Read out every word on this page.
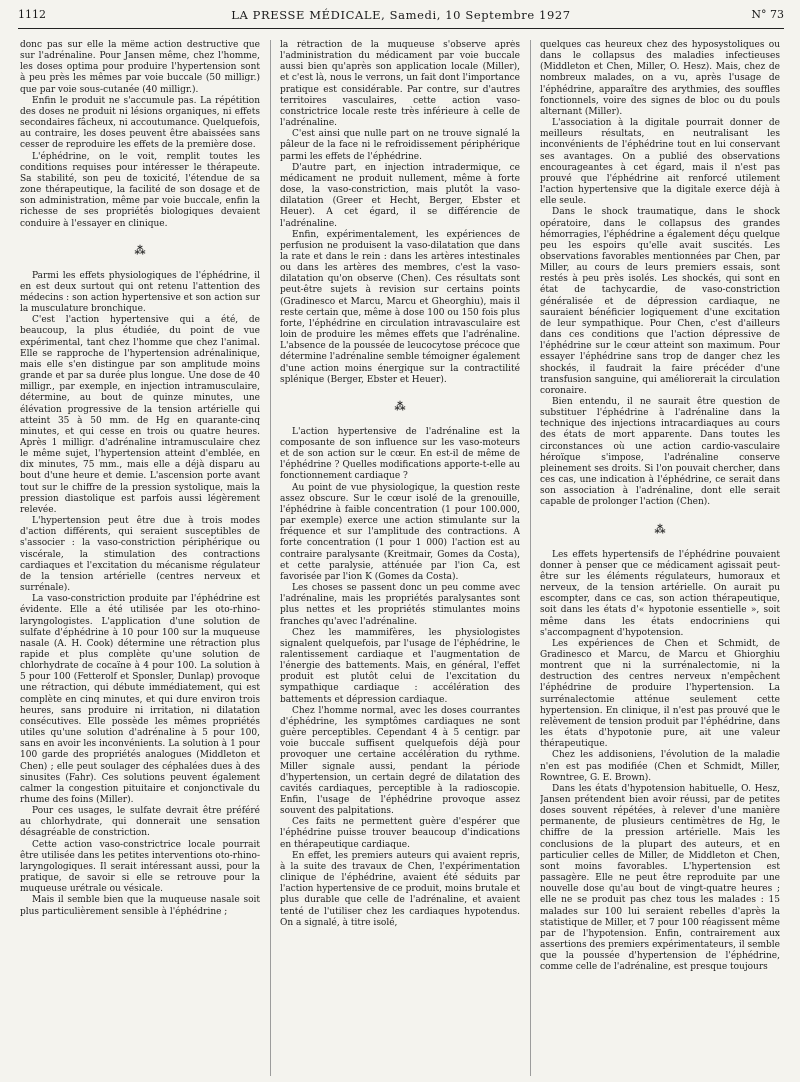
1112	LA PRESSE MÉDICALE, Samedi, 10 Septembre 1927	N° 73

donc pas sur elle la même action destructive que sur l'adrénaline. Pour Jansen même, chez l'homme, les doses optima pour produire l'hypertension sont à peu près les mêmes par voie buccale (50 milligr.) que par voie sous-cutanée (40 milligr.).

Enfin le produit ne s'accumule pas. La répétition des doses ne produit ni lésions organiques, ni effets secondaires fâcheux, ni accoutumance. Quelquefois, au contraire, les doses peuvent être abaissées sans cesser de reproduire les effets de la première dose.

L'éphédrine, on le voit, remplit toutes les conditions requises pour intéresser le thérapeute. Sa stabilité, son peu de toxicité, l'étendue de sa zone thérapeutique, la facilité de son dosage et de son administration, même par voie buccale, enfin la richesse de ses propriétés biologiques devaient conduire à l'essayer en clinique.

⁂

Parmi les effets physiologiques de l'éphédrine, il en est deux surtout qui ont retenu l'attention des médecins : son action hypertensive et son action sur la musculature bronchique.

C'est l'action hypertensive qui a été, de beaucoup, la plus étudiée, du point de vue expérimental, tant chez l'homme que chez l'animal. Elle se rapproche de l'hypertension adrénalinique, mais elle s'en distingue par son amplitude moins grande et par sa durée plus longue. Une dose de 40 milligr., par exemple, en injection intramusculaire, détermine, au bout de quinze minutes, une élévation progressive de la tension artérielle qui atteint 35 à 50 mm. de Hg en quarante-cinq minutes, et qui cesse en trois ou quatre heures. Après 1 milligr. d'adrénaline intramusculaire chez le même sujet, l'hypertension atteint d'emblée, en dix minutes, 75 mm., mais elle a déjà disparu au bout d'une heure et demie. L'ascension porte avant tout sur le chiffre de la pression systolique, mais la pression diastolique est parfois aussi légèrement relevée.

L'hypertension peut être due à trois modes d'action différents, qui seraient susceptibles de s'associer : la vaso-constriction périphérique ou viscérale, la stimulation des contractions cardiaques et l'excitation du mécanisme régulateur de la tension artérielle (centres nerveux et surrénale).

La vaso-constriction produite par l'éphédrine est évidente. Elle a été utilisée par les oto-rhino-laryngologistes. L'application d'une solution de sulfate d'éphédrine à 10 pour 100 sur la muqueuse nasale (A. H. Cook) détermine une rétraction plus rapide et plus complète qu'une solution de chlorhydrate de cocaïne à 4 pour 100. La solution à 5 pour 100 (Fetterolf et Sponsler, Dunlap) provoque une rétraction, qui débute immédiatement, qui est complète en cinq minutes, et qui dure environ trois heures, sans produire ni irritation, ni dilatation consécutives. Elle possède les mêmes propriétés utiles qu'une solution d'adrénaline à 5 pour 100, sans en avoir les inconvénients. La solution à 1 pour 100 garde des propriétés analogues (Middleton et Chen) ; elle peut soulager des céphalées dues à des sinusites (Fahr). Ces solutions peuvent également calmer la congestion pituitaire et conjonctivale du rhume des foins (Miller).

Pour ces usages, le sulfate devrait être préféré au chlorhydrate, qui donnerait une sensation désagréable de constriction.

Cette action vaso-constrictrice locale pourrait être utilisée dans les petites interventions oto-rhino-laryngologiques. Il serait intéressant aussi, pour la pratique, de savoir si elle se retrouve pour la muqueuse urétrale ou vésicale.

Mais il semble bien que la muqueuse nasale soit plus particulièrement sensible à l'éphédrine ;

la rétraction de la muqueuse s'observe après l'administration du médicament par voie buccale aussi bien qu'après son application locale (Miller), et c'est là, nous le verrons, un fait dont l'importance pratique est considérable. Par contre, sur d'autres territoires vasculaires, cette action vaso-constrictrice locale reste très inférieure à celle de l'adrénaline.

C'est ainsi que nulle part on ne trouve signalé la pâleur de la face ni le refroidissement périphérique parmi les effets de l'éphédrine.

D'autre part, en injection intradermique, ce médicament ne produit nullement, même à forte dose, la vaso-constriction, mais plutôt la vaso-dilatation (Greer et Hecht, Berger, Ebster et Heuer). A cet égard, il se différencie de l'adrénaline.

Enfin, expérimentalement, les expériences de perfusion ne produisent la vaso-dilatation que dans la rate et dans le rein : dans les artères intestinales ou dans les artères des membres, c'est la vaso-dilatation qu'on observe (Chen). Ces résultats sont peut-être sujets à revision sur certains points (Gradinesco et Marcu, Marcu et Gheorghiu), mais il reste certain que, même à dose 100 ou 150 fois plus forte, l'éphédrine en circulation intravasculaire est loin de produire les mêmes effets que l'adrénaline. L'absence de la poussée de leucocytose précoce que détermine l'adrénaline semble témoigner également d'une action moins énergique sur la contractilité splénique (Berger, Ebster et Heuer).

⁂

L'action hypertensive de l'adrénaline est la composante de son influence sur les vaso-moteurs et de son action sur le cœur. En est-il de même de l'éphédrine ? Quelles modifications apporte-t-elle au fonctionnement cardiaque ?

Au point de vue physiologique, la question reste assez obscure. Sur le cœur isolé de la grenouille, l'éphédrine à faible concentration (1 pour 100.000, par exemple) exerce une action stimulante sur la fréquence et sur l'amplitude des contractions. A forte concentration (1 pour 1 000) l'action est au contraire paralysante (Kreitmair, Gomes da Costa), et cette paralysie, atténuée par l'ion Ca, est favorisée par l'ion K (Gomes da Costa).

Les choses se passent donc un peu comme avec l'adrénaline, mais les propriétés paralysantes sont plus nettes et les propriétés stimulantes moins franches qu'avec l'adrénaline.

Chez les mammifères, les physiologistes signalent quelquefois, par l'usage de l'éphédrine, le ralentissement cardiaque et l'augmentation de l'énergie des battements. Mais, en général, l'effet produit est plutôt celui de l'excitation du sympathique cardiaque : accélération des battements et dépression cardiaque.

Chez l'homme normal, avec les doses courrantes d'éphédrine, les symptômes cardiaques ne sont guère perceptibles. Cependant 4 à 5 centigr. par voie buccale suffisent quelquefois déjà pour provoquer une certaine accélération du rythme. Miller signale aussi, pendant la période d'hypertension, un certain degré de dilatation des cavités cardiaques, perceptible à la radioscopie. Enfin, l'usage de l'éphédrine provoque assez souvent des palpitations.

Ces faits ne permettent guère d'espérer que l'éphédrine puisse trouver beaucoup d'indications en thérapeutique cardiaque.

En effet, les premiers auteurs qui avaient repris, à la suite des travaux de Chen, l'expérimentation clinique de l'éphédrine, avaient été séduits par l'action hypertensive de ce produit, moins brutale et plus durable que celle de l'adrénaline, et avaient tenté de l'utiliser chez les cardiaques hypotendus. On a signalé, à titre isolé,

quelques cas heureux chez des hyposystoliques ou dans le collapsus des maladies infectieuses (Middleton et Chen, Miller, O. Hesz). Mais, chez de nombreux malades, on a vu, après l'usage de l'éphédrine, apparaître des arythmies, des souffles fonctionnels, voire des signes de bloc ou du pouls alternant (Miller).

L'association à la digitale pourrait donner de meilleurs résultats, en neutralisant les inconvénients de l'éphédrine tout en lui conservant ses avantages. On a publié des observations encourageantes à cet égard, mais il n'est pas prouvé que l'éphédrine ait renforcé utilement l'action hypertensive que la digitale exerce déjà à elle seule.

Dans le shock traumatique, dans le shock opératoire, dans le collapsus des grandes hémorragies, l'éphédrine a également déçu quelque peu les espoirs qu'elle avait suscités. Les observations favorables mentionnées par Chen, par Miller, au cours de leurs premiers essais, sont restés à peu près isolés. Les shockés, qui sont en état de tachycardie, de vaso-constriction généralisée et de dépression cardiaque, ne sauraient bénéficier logiquement d'une excitation de leur sympathique. Pour Chen, c'est d'ailleurs dans ces conditions que l'action dépressive de l'éphédrine sur le cœur atteint son maximum. Pour essayer l'éphédrine sans trop de danger chez les shockés, il faudrait la faire précéder d'une transfusion sanguine, qui améliorerait la circulation coronaire.

Bien entendu, il ne saurait être question de substituer l'éphédrine à l'adrénaline dans la technique des injections intracardiaques au cours des états de mort apparente. Dans toutes les circonstances où une action cardio-vasculaire héroïque s'impose, l'adrénaline conserve pleinement ses droits. Si l'on pouvait chercher, dans ces cas, une indication à l'éphédrine, ce serait dans son association à l'adrénaline, dont elle serait capable de prolonger l'action (Chen).

⁂

Les effets hypertensifs de l'éphédrine pouvaient donner à penser que ce médicament agissait peut-être sur les éléments régulateurs, humoraux et nerveux, de la tension artérielle. On aurait pu escompter, dans ce cas, son action thérapeutique, soit dans les états d'« hypotonie essentielle », soit même dans les états endocriniens qui s'accompagnent d'hypotension.

Les expériences de Chen et Schmidt, de Gradinesco et Marcu, de Marcu et Ghiorghiu montrent que ni la surrénalectomie, ni la destruction des centres nerveux n'empêchent l'éphédrine de produire l'hypertension. La surrénalectomie atténue seulement cette hypertension. En clinique, il n'est pas prouvé que le relèvement de tension produit par l'éphédrine, dans les états d'hypotonie pure, ait une valeur thérapeutique.

Chez les addisoniens, l'évolution de la maladie n'en est pas modifiée (Chen et Schmidt, Miller, Rowntree, G. E. Brown).

Dans les états d'hypotension habituelle, O. Hesz, Jansen prétendent bien avoir réussi, par de petites doses souvent répétées, à relever d'une manière permanente, de plusieurs centimètres de Hg, le chiffre de la pression artérielle. Mais les conclusions de la plupart des auteurs, et en particulier celles de Miller, de Middleton et Chen, sont moins favorables. L'hypertension est passagère. Elle ne peut être reproduite par une nouvelle dose qu'au bout de vingt-quatre heures ; elle ne se produit pas chez tous les malades : 15 malades sur 100 lui seraient rebelles d'après la statistique de Miller, et 7 pour 100 réagissent même par de l'hypotension. Enfin, contrairement aux assertions des premiers expérimentateurs, il semble que la poussée d'hypertension de l'éphédrine, comme celle de l'adrénaline, est presque toujours
